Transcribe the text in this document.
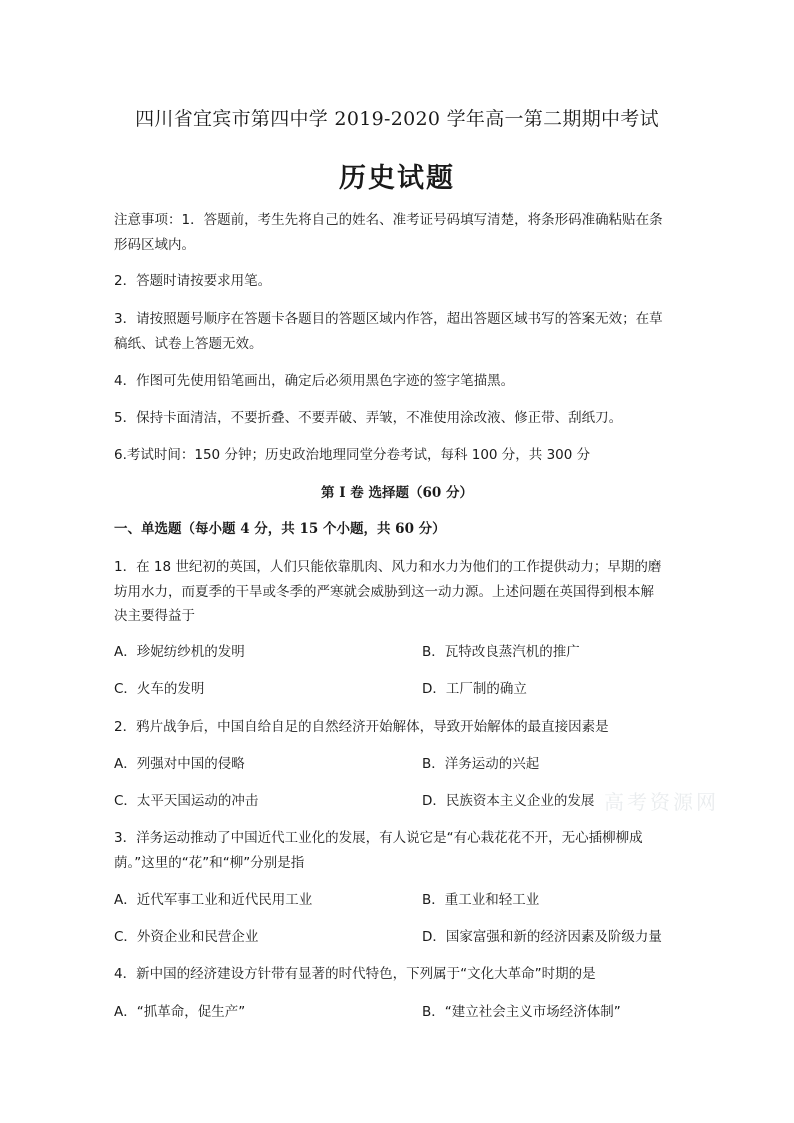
四川省宜宾市第四中学 2019-2020 学年高一第二期期中考试
历史试题
注意事项：1．答题前，考生先将自己的姓名、准考证号码填写清楚，将条形码准确粘贴在条
形码区域内。
2．答题时请按要求用笔。
3．请按照题号顺序在答题卡各题目的答题区域内作答，超出答题区域书写的答案无效；在草
稿纸、试卷上答题无效。
4．作图可先使用铅笔画出，确定后必须用黑色字迹的签字笔描黑。
5．保持卡面清洁，不要折叠、不要弄破、弄皱，不准使用涂改液、修正带、刮纸刀。
6.考试时间：150 分钟；历史政治地理同堂分卷考试，每科 100 分，共 300 分
第 I 卷 选择题（60 分）
一、单选题（每小题 4 分，共 15 个小题，共 60 分）
1．在 18 世纪初的英国，人们只能依靠肌肉、风力和水力为他们的工作提供动力；早期的磨
坊用水力，而夏季的干旱或冬季的严寒就会威胁到这一动力源。上述问题在英国得到根本解
决主要得益于
A．珍妮纺纱机的发明	B．瓦特改良蒸汽机的推广
C．火车的发明	D．工厂制的确立
2．鸦片战争后，中国自给自足的自然经济开始解体，导致开始解体的最直接因素是
A．列强对中国的侵略	B．洋务运动的兴起
C．太平天国运动的冲击	D．民族资本主义企业的发展
3．洋务运动推动了中国近代工业化的发展，有人说它是“有心栽花花不开，无心插柳柳成
荫。”这里的“花”和“柳”分别是指
A．近代军事工业和近代民用工业	B．重工业和轻工业
C．外资企业和民营企业	D．国家富强和新的经济因素及阶级力量
4．新中国的经济建设方针带有显著的时代特色，下列属于“文化大革命”时期的是
A．“抓革命，促生产”	B．“建立社会主义市场经济体制”
高考资源网
